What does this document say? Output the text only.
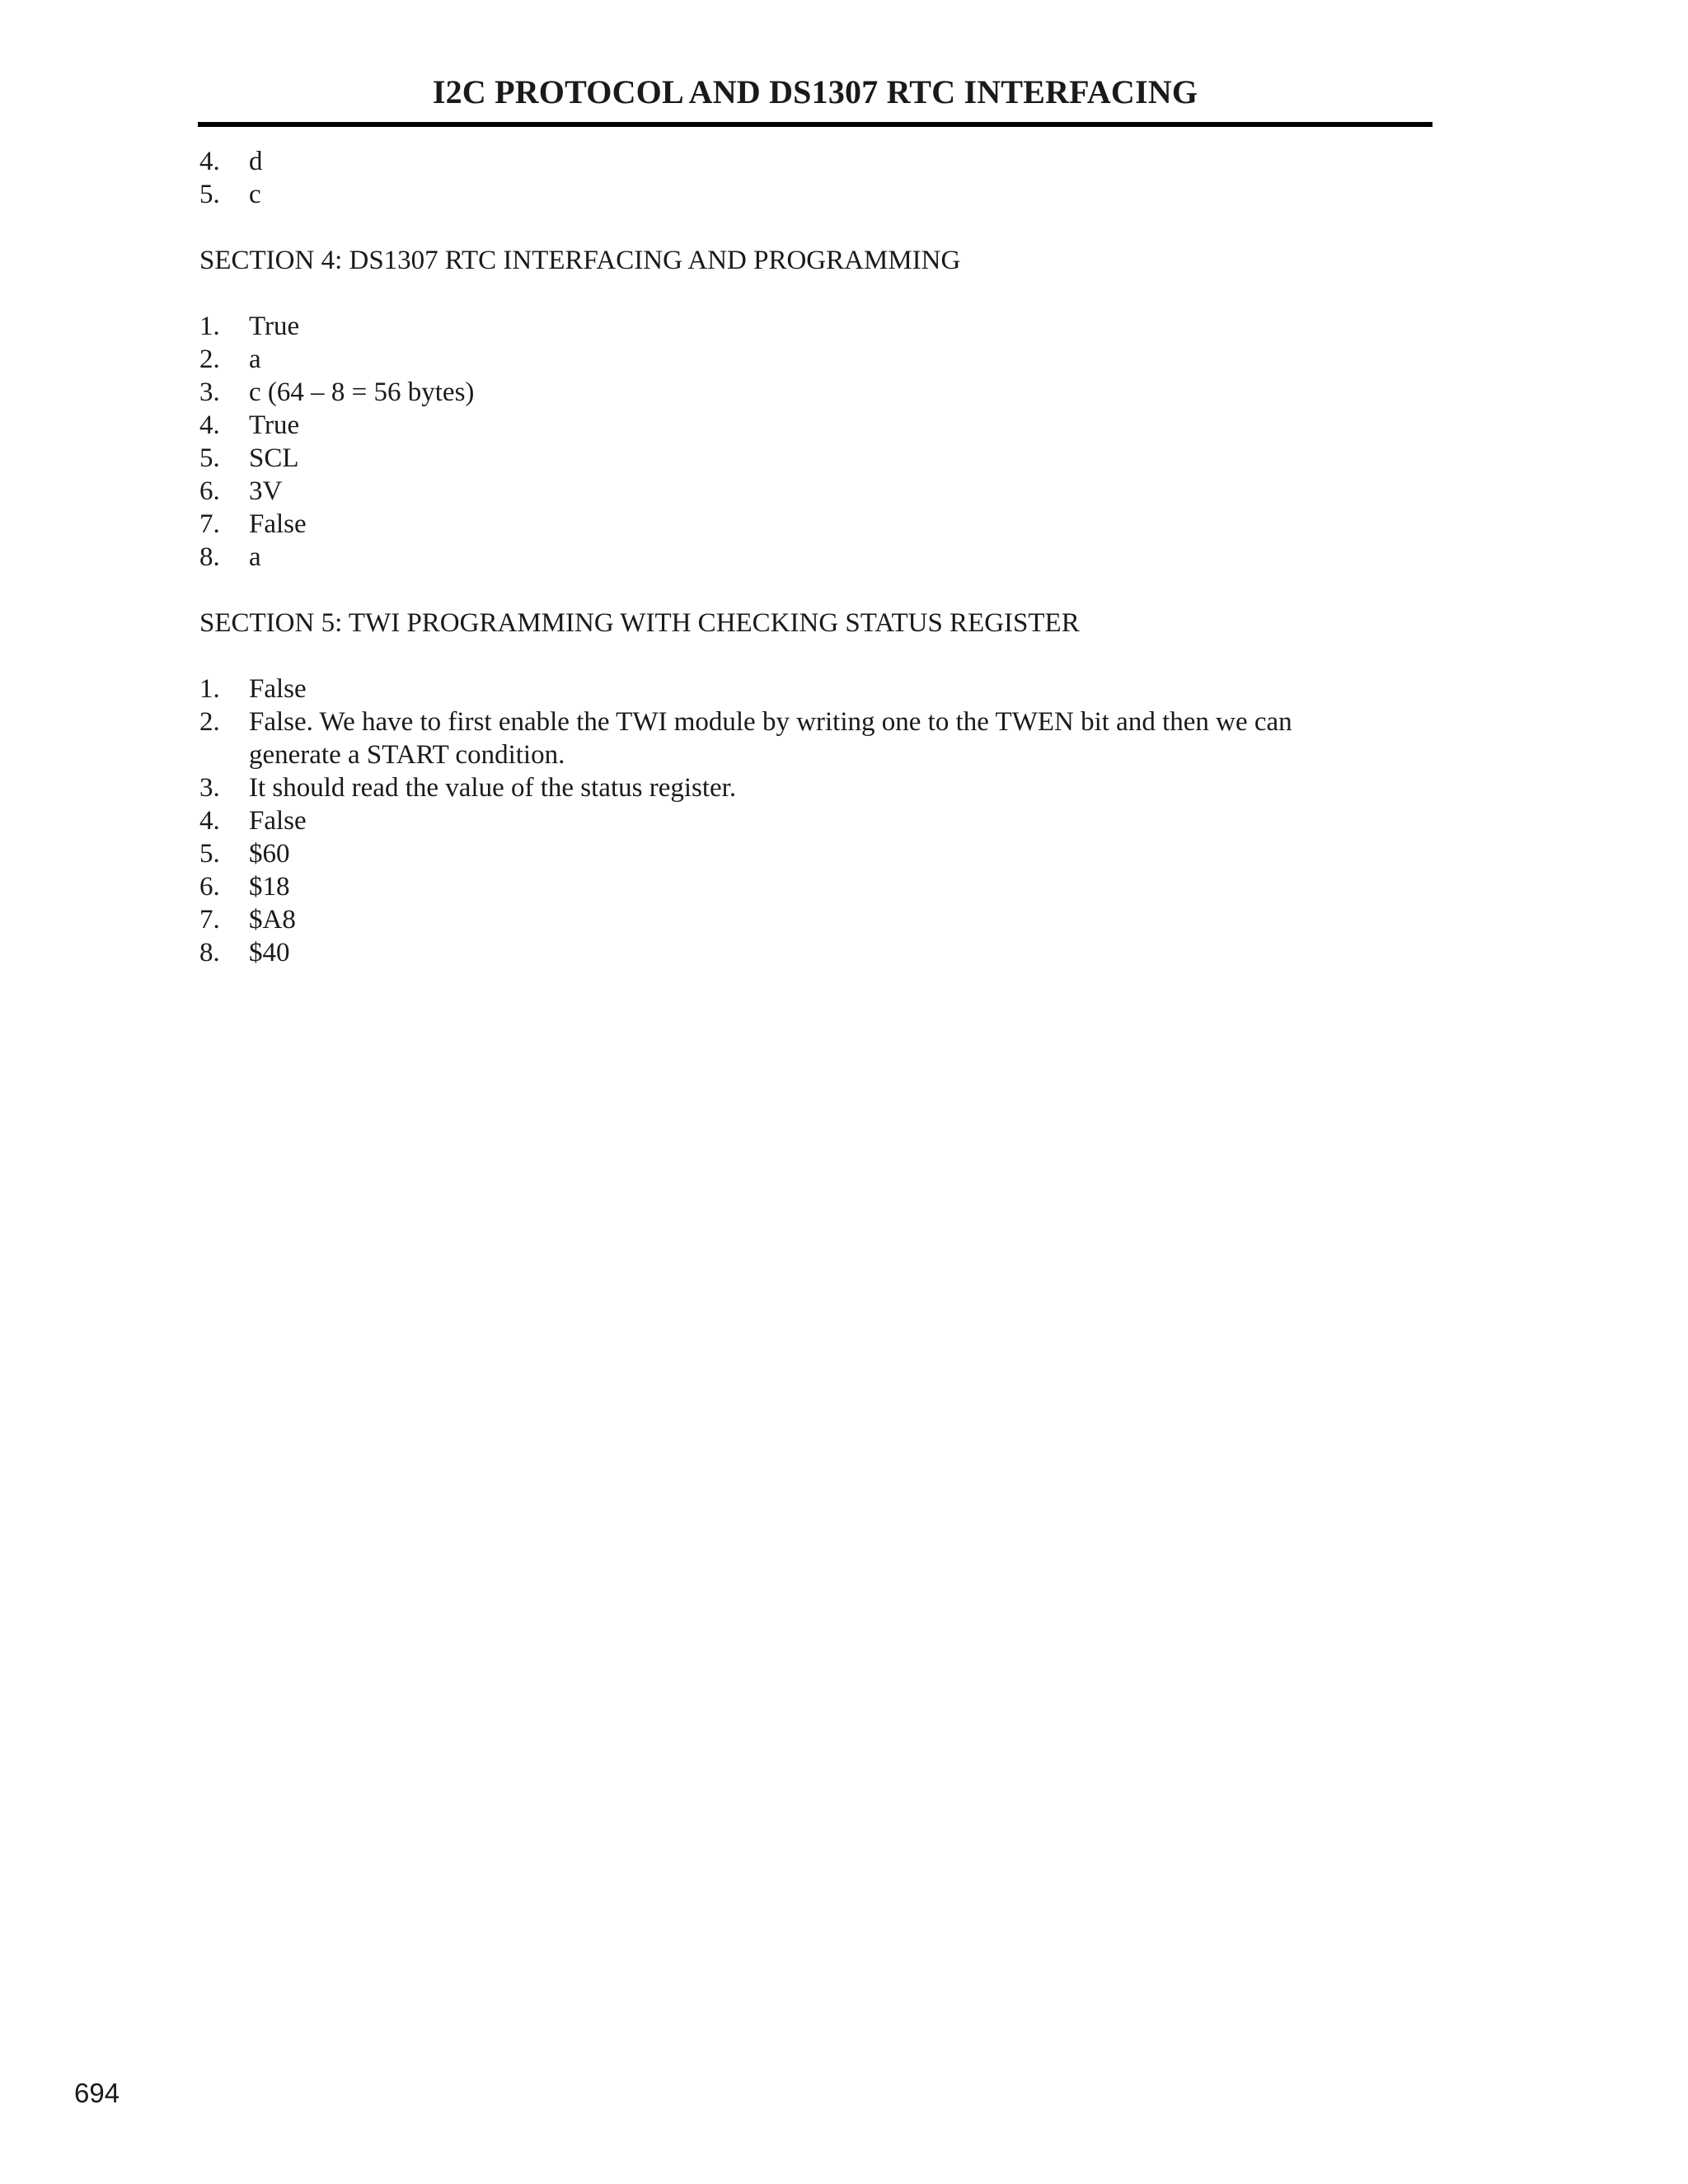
I2C PROTOCOL AND DS1307 RTC INTERFACING
4.	d
5.	c
SECTION 4: DS1307 RTC INTERFACING AND PROGRAMMING
1.	True
2.	a
3.	c (64 – 8 = 56 bytes)
4.	True
5.	SCL
6.	3V
7.	False
8.	a
SECTION 5: TWI PROGRAMMING WITH CHECKING STATUS REGISTER
1.	False
2.	False. We have to first enable the TWI module by writing one to the TWEN bit and then we can generate a START condition.
3.	It should read the value of the status register.
4.	False
5.	$60
6.	$18
7.	$A8
8.	$40
694
